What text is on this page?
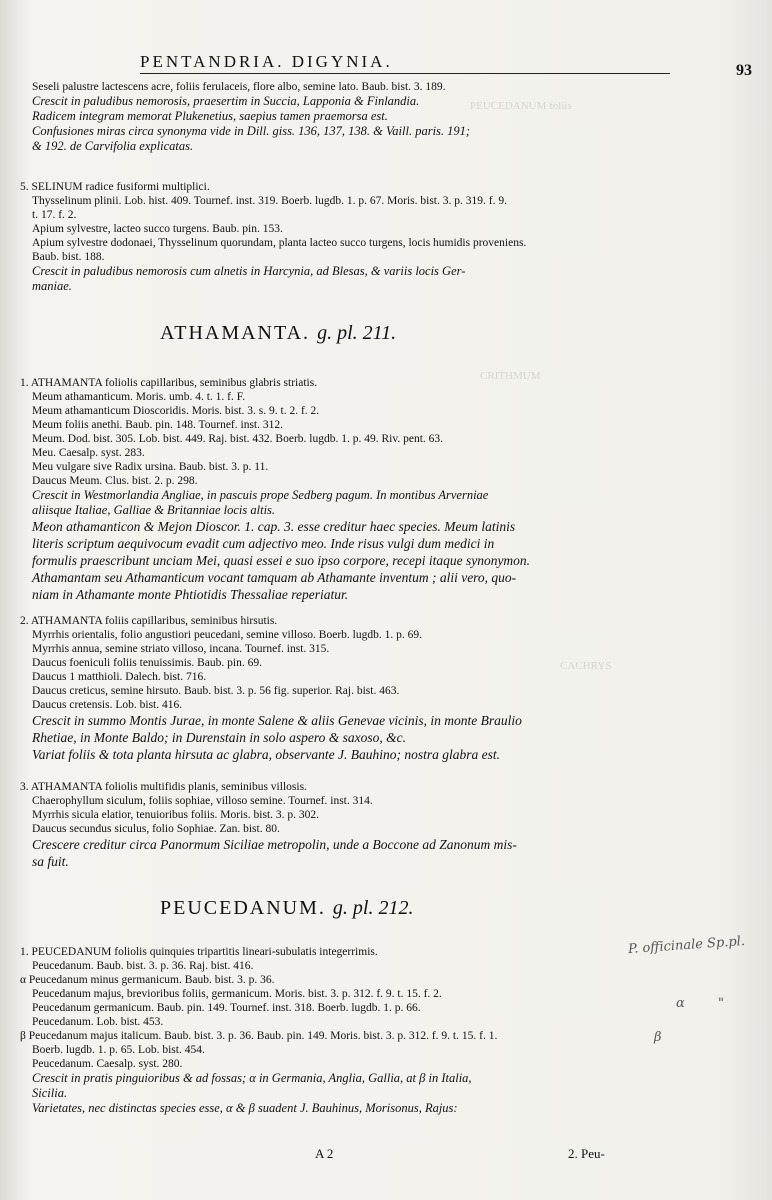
PEUCEDANUM foliis
CRITHMUM
CACHRYS
PENTANDRIA. DIGYNIA.	93
Seseli palustre lactescens acre, foliis ferulaceis, flore albo, semine lato. Baub. bist. 3. 189.
Crescit in paludibus nemorosis, praesertim in Succia, Lapponia & Finlandia.
Radicem integram memorat Plukenetius, saepius tamen praemorsa est.
Confusiones miras circa synonyma vide in Dill. giss. 136, 137, 138. & Vaill. paris. 191;
& 192. de Carvifolia explicatas.
5. SELINUM radice fusiformi multiplici.
Thysselinum plinii. Lob. hist. 409. Tournef. inst. 319. Boerb. lugdb. 1. p. 67. Moris. bist. 3. p. 319. f. 9.
t. 17. f. 2.
Apium sylvestre, lacteo succo turgens. Baub. pin. 153.
Apium sylvestre dodonaei, Thysselinum quorundam, planta lacteo succo turgens, locis humidis proveniens.
Baub. bist. 188.
Crescit in paludibus nemorosis cum alnetis in Harcynia, ad Blesas, & variis locis Ger-
maniae.
ATHAMANTA. g. pl. 211.
1. ATHAMANTA foliolis capillaribus, seminibus glabris striatis.
Meum athamanticum. Moris. umb. 4. t. 1. f. F.
Meum athamanticum Dioscoridis. Moris. bist. 3. s. 9. t. 2. f. 2.
Meum foliis anethi. Baub. pin. 148. Tournef. inst. 312.
Meum. Dod. bist. 305. Lob. bist. 449. Raj. bist. 432. Boerb. lugdb. 1. p. 49. Riv. pent. 63.
Meu. Caesalp. syst. 283.
Meu vulgare sive Radix ursina. Baub. bist. 3. p. 11.
Daucus Meum. Clus. bist. 2. p. 298.
Crescit in Westmorlandia Angliae, in pascuis prope Sedberg pagum. In montibus Arverniae
aliisque Italiae, Galliae & Britanniae locis altis.
Meon athamanticon & Mejon Dioscor. 1. cap. 3. esse creditur haec species. Meum latinis
literis scriptum aequivocum evadit cum adjectivo meo. Inde risus vulgi dum medici in
formulis praescribunt unciam Mei, quasi essei e suo ipso corpore, recepi itaque synonymon.
Athamantam seu Athamanticum vocant tamquam ab Athamante inventum ; alii vero, quo-
niam in Athamante monte Phtiotidis Thessaliae reperiatur.
2. ATHAMANTA foliis capillaribus, seminibus hirsutis.
Myrrhis orientalis, folio angustiori peucedani, semine villoso. Boerb. lugdb. 1. p. 69.
Myrrhis annua, semine striato villoso, incana. Tournef. inst. 315.
Daucus foeniculi foliis tenuissimis. Baub. pin. 69.
Daucus 1 matthioli. Dalech. bist. 716.
Daucus creticus, semine hirsuto. Baub. bist. 3. p. 56 fig. superior. Raj. bist. 463.
Daucus cretensis. Lob. bist. 416.
Crescit in summo Montis Jurae, in monte Salene & aliis Genevae vicinis, in monte Braulio
Rhetiae, in Monte Baldo; in Durenstain in solo aspero & saxoso, &c.
Variat foliis & tota planta hirsuta ac glabra, observante J. Bauhino; nostra glabra est.
3. ATHAMANTA foliolis multifidis planis, seminibus villosis.
Chaerophyllum siculum, foliis sophiae, villoso semine. Tournef. inst. 314.
Myrrhis sicula elatior, tenuioribus foliis. Moris. bist. 3. p. 302.
Daucus secundus siculus, folio Sophiae. Zan. bist. 80.
Crescere creditur circa Panormum Siciliae metropolin, unde a Boccone ad Zanonum mis-
sa fuit.
PEUCEDANUM. g. pl. 212.
1. PEUCEDANUM foliolis quinquies tripartitis lineari-subulatis integerrimis.
Peucedanum. Baub. bist. 3. p. 36. Raj. bist. 416.
α Peucedanum minus germanicum. Baub. bist. 3. p. 36.
Peucedanum majus, brevioribus foliis, germanicum. Moris. bist. 3. p. 312. f. 9. t. 15. f. 2.
Peucedanum germanicum. Baub. pin. 149. Tournef. inst. 318. Boerb. lugdb. 1. p. 66.
Peucedanum. Lob. bist. 453.
β Peucedanum majus italicum. Baub. bist. 3. p. 36. Baub. pin. 149. Moris. bist. 3. p. 312. f. 9. t. 15. f. 1.
Boerb. lugdb. 1. p. 65. Lob. bist. 454.
Peucedanum. Caesalp. syst. 280.
Crescit in pratis pinguioribus & ad fossas; α in Germania, Anglia, Gallia, at β in Italia,
Sicilia.
Varietates, nec distinctas species esse, α & β suadent J. Bauhinus, Morisonus, Rajus:
P. officinale Sp.pl.
α	"
β
A 2	2. Peu-
